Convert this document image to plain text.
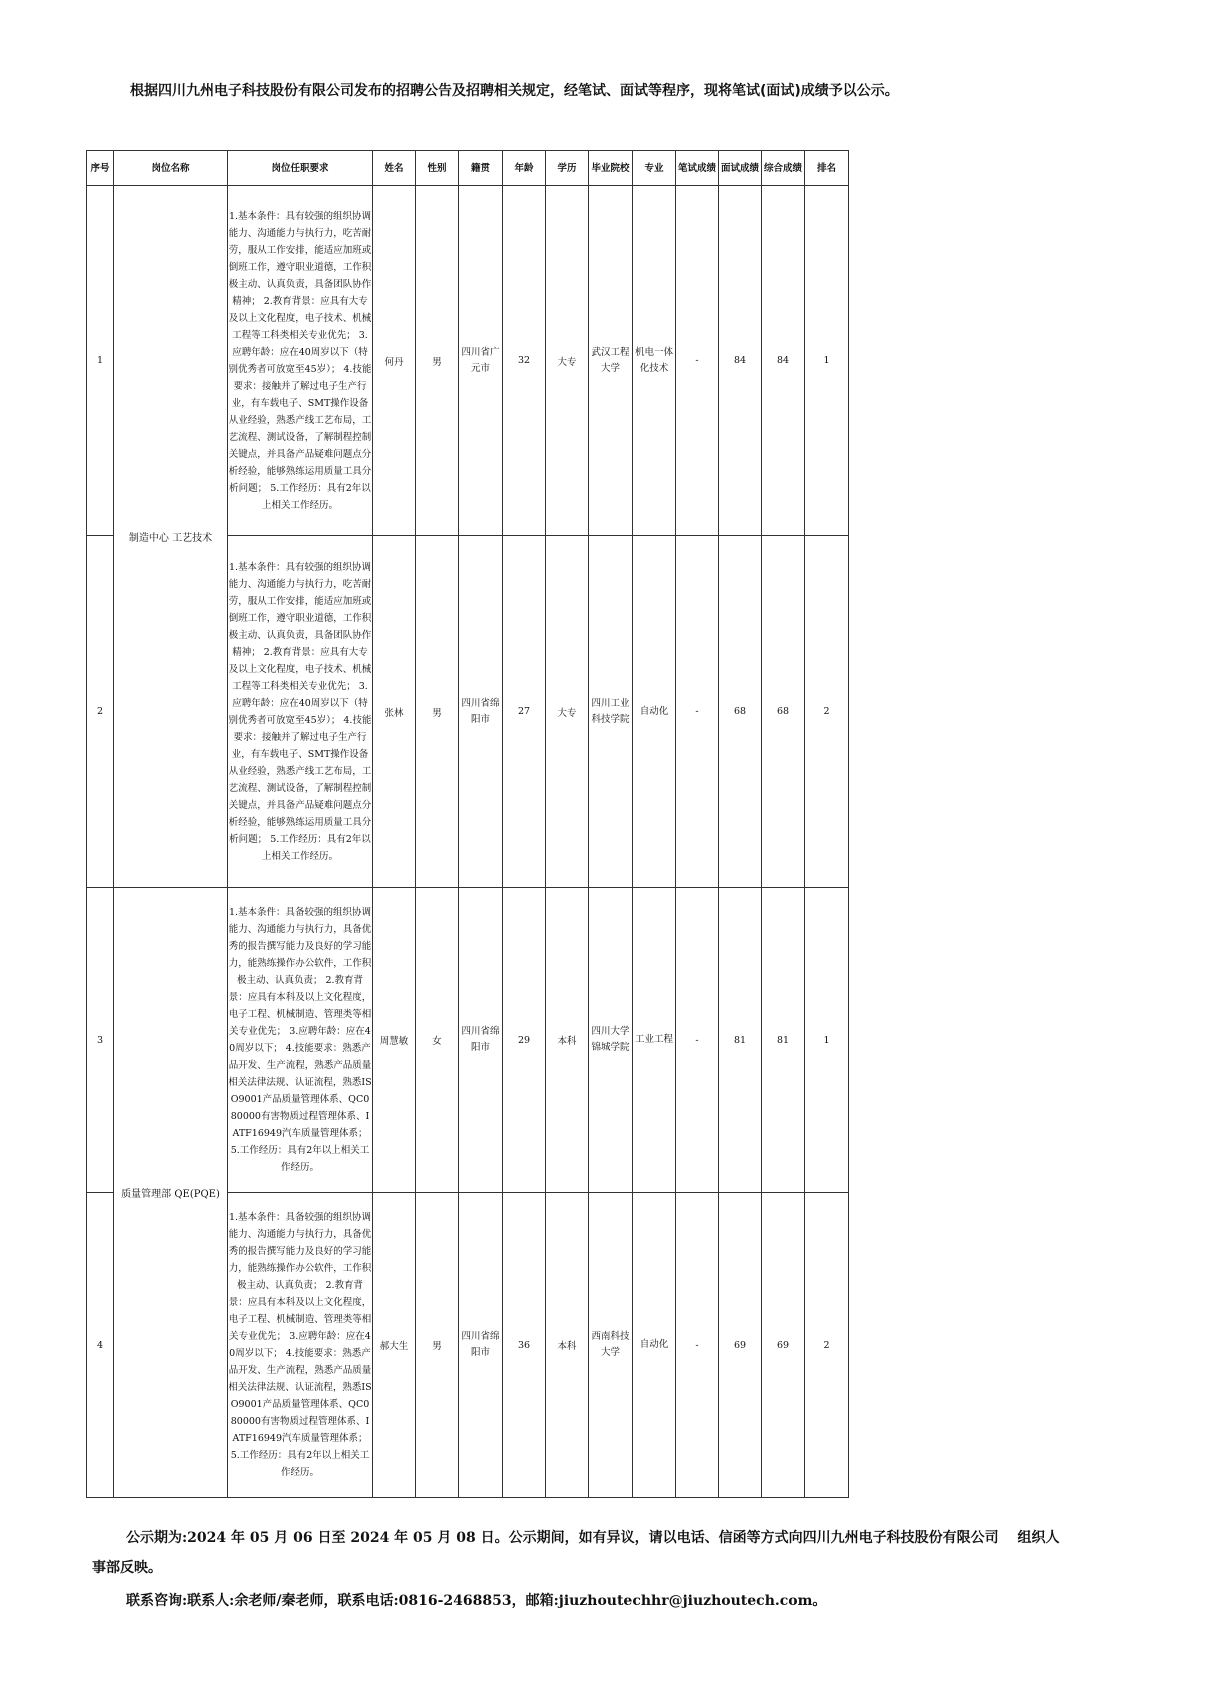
根据四川九州电子科技股份有限公司发布的招聘公告及招聘相关规定，经笔试、面试等程序，现将笔试(面试)成绩予以公示。
序号	岗位名称	岗位任职要求	姓名	性别	籍贯	年龄	学历	毕业院校	专业	笔试成绩	面试成绩	综合成绩	排名
1	制造中心 工艺技术	1.基本条件：具有较强的组织协调能力、沟通能力与执行力，吃苦耐劳，服从工作安排，能适应加班或倒班工作，遵守职业道德，工作积极主动、认真负责，具备团队协作精神； 2.教育背景：应具有大专及以上文化程度，电子技术、机械工程等工科类相关专业优先； 3.应聘年龄：应在40周岁以下（特别优秀者可放宽至45岁）； 4.技能要求：接触并了解过电子生产行业，有车载电子、SMT操作设备从业经验，熟悉产线工艺布局，工艺流程、测试设备，了解制程控制关键点，并具备产品疑难问题点分析经验，能够熟练运用质量工具分析问题； 5.工作经历：具有2年以上相关工作经历。	何丹	男	四川省广元市	32	大专	武汉工程大学	机电一体化技术	-	84	84	1
2		1.基本条件：具有较强的组织协调能力、沟通能力与执行力，吃苦耐劳，服从工作安排，能适应加班或倒班工作，遵守职业道德，工作积极主动、认真负责，具备团队协作精神； 2.教育背景：应具有大专及以上文化程度，电子技术、机械工程等工科类相关专业优先； 3.应聘年龄：应在40周岁以下（特别优秀者可放宽至45岁）； 4.技能要求：接触并了解过电子生产行业，有车载电子、SMT操作设备从业经验，熟悉产线工艺布局，工艺流程、测试设备，了解制程控制关键点，并具备产品疑难问题点分析经验，能够熟练运用质量工具分析问题； 5.工作经历：具有2年以上相关工作经历。	张林	男	四川省绵阳市	27	大专	四川工业科技学院	自动化	-	68	68	2
3	质量管理部 QE(PQE)	1.基本条件：具备较强的组织协调能力、沟通能力与执行力，具备优秀的报告撰写能力及良好的学习能力，能熟练操作办公软件，工作积极主动、认真负责； 2.教育背景：应具有本科及以上文化程度，电子工程、机械制造、管理类等相关专业优先； 3.应聘年龄：应在40周岁以下； 4.技能要求：熟悉产品开发、生产流程，熟悉产品质量相关法律法规、认证流程，熟悉ISO9001产品质量管理体系、QC080000有害物质过程管理体系、IATF16949汽车质量管理体系； 5.工作经历：具有2年以上相关工作经历。	周慧敏	女	四川省绵阳市	29	本科	四川大学锦城学院	工业工程	-	81	81	1
4		1.基本条件：具备较强的组织协调能力、沟通能力与执行力，具备优秀的报告撰写能力及良好的学习能力，能熟练操作办公软件，工作积极主动、认真负责； 2.教育背景：应具有本科及以上文化程度，电子工程、机械制造、管理类等相关专业优先； 3.应聘年龄：应在40周岁以下； 4.技能要求：熟悉产品开发、生产流程，熟悉产品质量相关法律法规、认证流程，熟悉ISO9001产品质量管理体系、QC080000有害物质过程管理体系、IATF16949汽车质量管理体系； 5.工作经历：具有2年以上相关工作经历。	郝大生	男	四川省绵阳市	36	本科	西南科技大学	自动化	-	69	69	2
公示期为:2024 年 05 月 06 日至 2024 年 05 月 08 日。公示期间，如有异议，请以电话、信函等方式向四川九州电子科技股份有限公司　 组织人
事部反映。
联系咨询:联系人:余老师/秦老师，联系电话:0816-2468853，邮箱:jiuzhoutechhr@jiuzhoutech.com。
